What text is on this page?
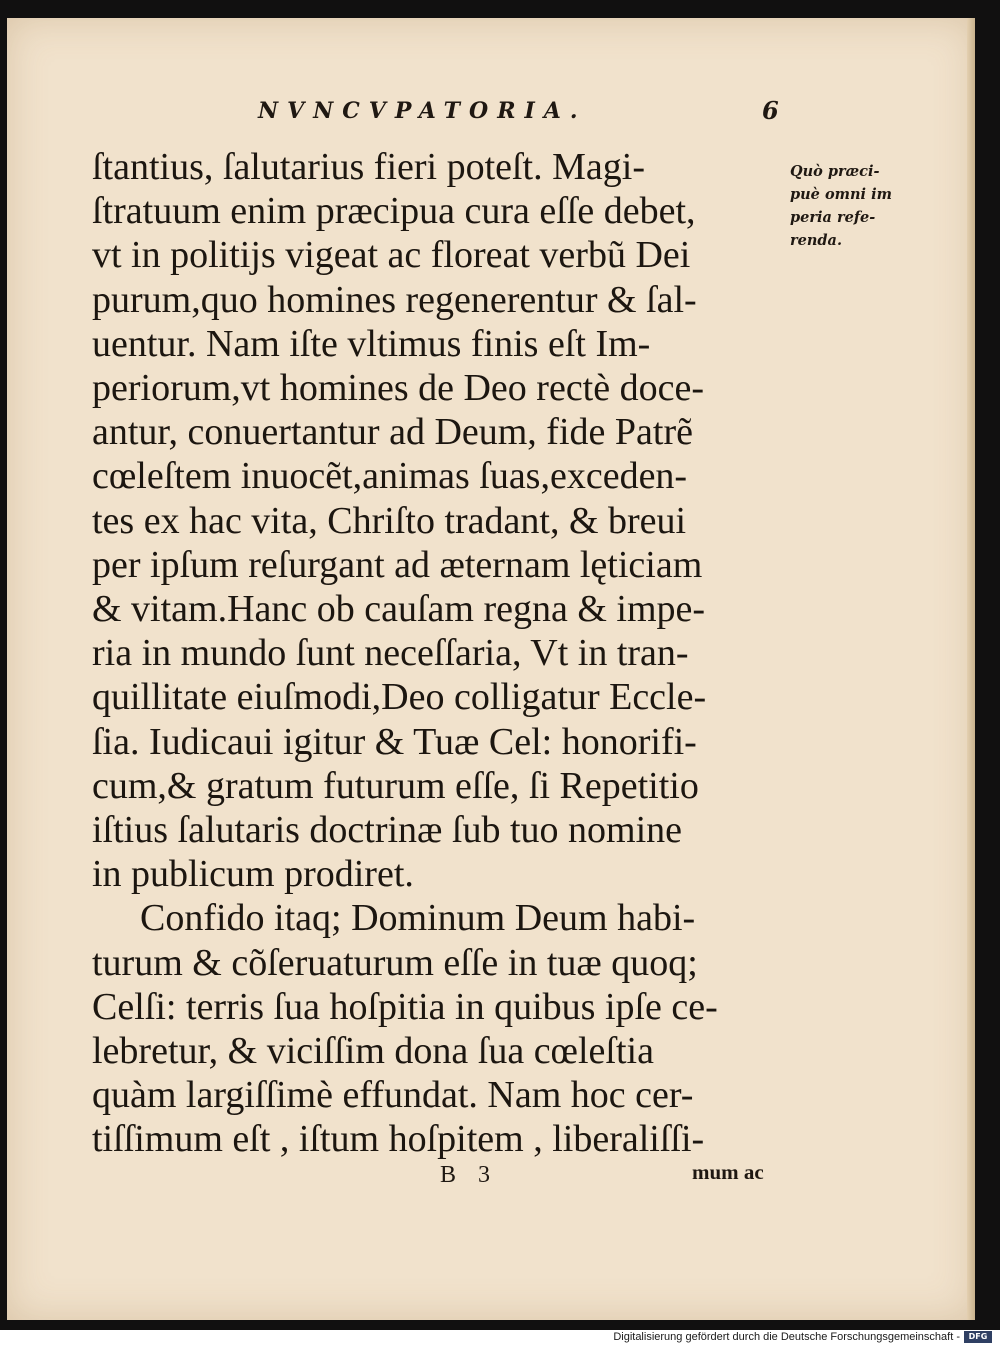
NVNCVPATORIA.	6
ſtantius, ſalutarius fieri poteſt. Magi-
ſtratuum enim præcipua cura eſſe debet,
vt in politijs vigeat ac floreat verbũ Dei
purum,quo homines regenerentur & ſal-
uentur. Nam iſte vltimus finis eſt Im-
periorum,vt homines de Deo rectè doce-
antur, conuertantur ad Deum, fide Patrẽ
cœleſtem inuocẽt,animas ſuas,exceden-
tes ex hac vita, Chriſto tradant, & breui
per ipſum reſurgant ad æternam lęticiam
& vitam.Hanc ob cauſam regna & impe-
ria in mundo ſunt neceſſaria, Vt in tran-
quillitate eiuſmodi,Deo colligatur Eccle-
ſia. Iudicaui igitur & Tuæ Cel: honorifi-
cum,& gratum futurum eſſe, ſi Repetitio
iſtius ſalutaris doctrinæ ſub tuo nomine
in publicum prodiret.
Confido itaq; Dominum Deum habi-
turum & cõſeruaturum eſſe in tuæ quoq;
Celſi: terris ſua hoſpitia in quibus ipſe ce-
lebretur, & viciſſim dona ſua cœleſtia
quàm largiſſimè effundat. Nam hoc cer-
tiſſimum eſt , iſtum hoſpitem , liberaliſſi-
Quò præci-
puè omni im
peria refe-
renda.
B 3	mum ac
Digitalisierung gefördert durch die Deutsche Forschungsgemeinschaft -	DFG
